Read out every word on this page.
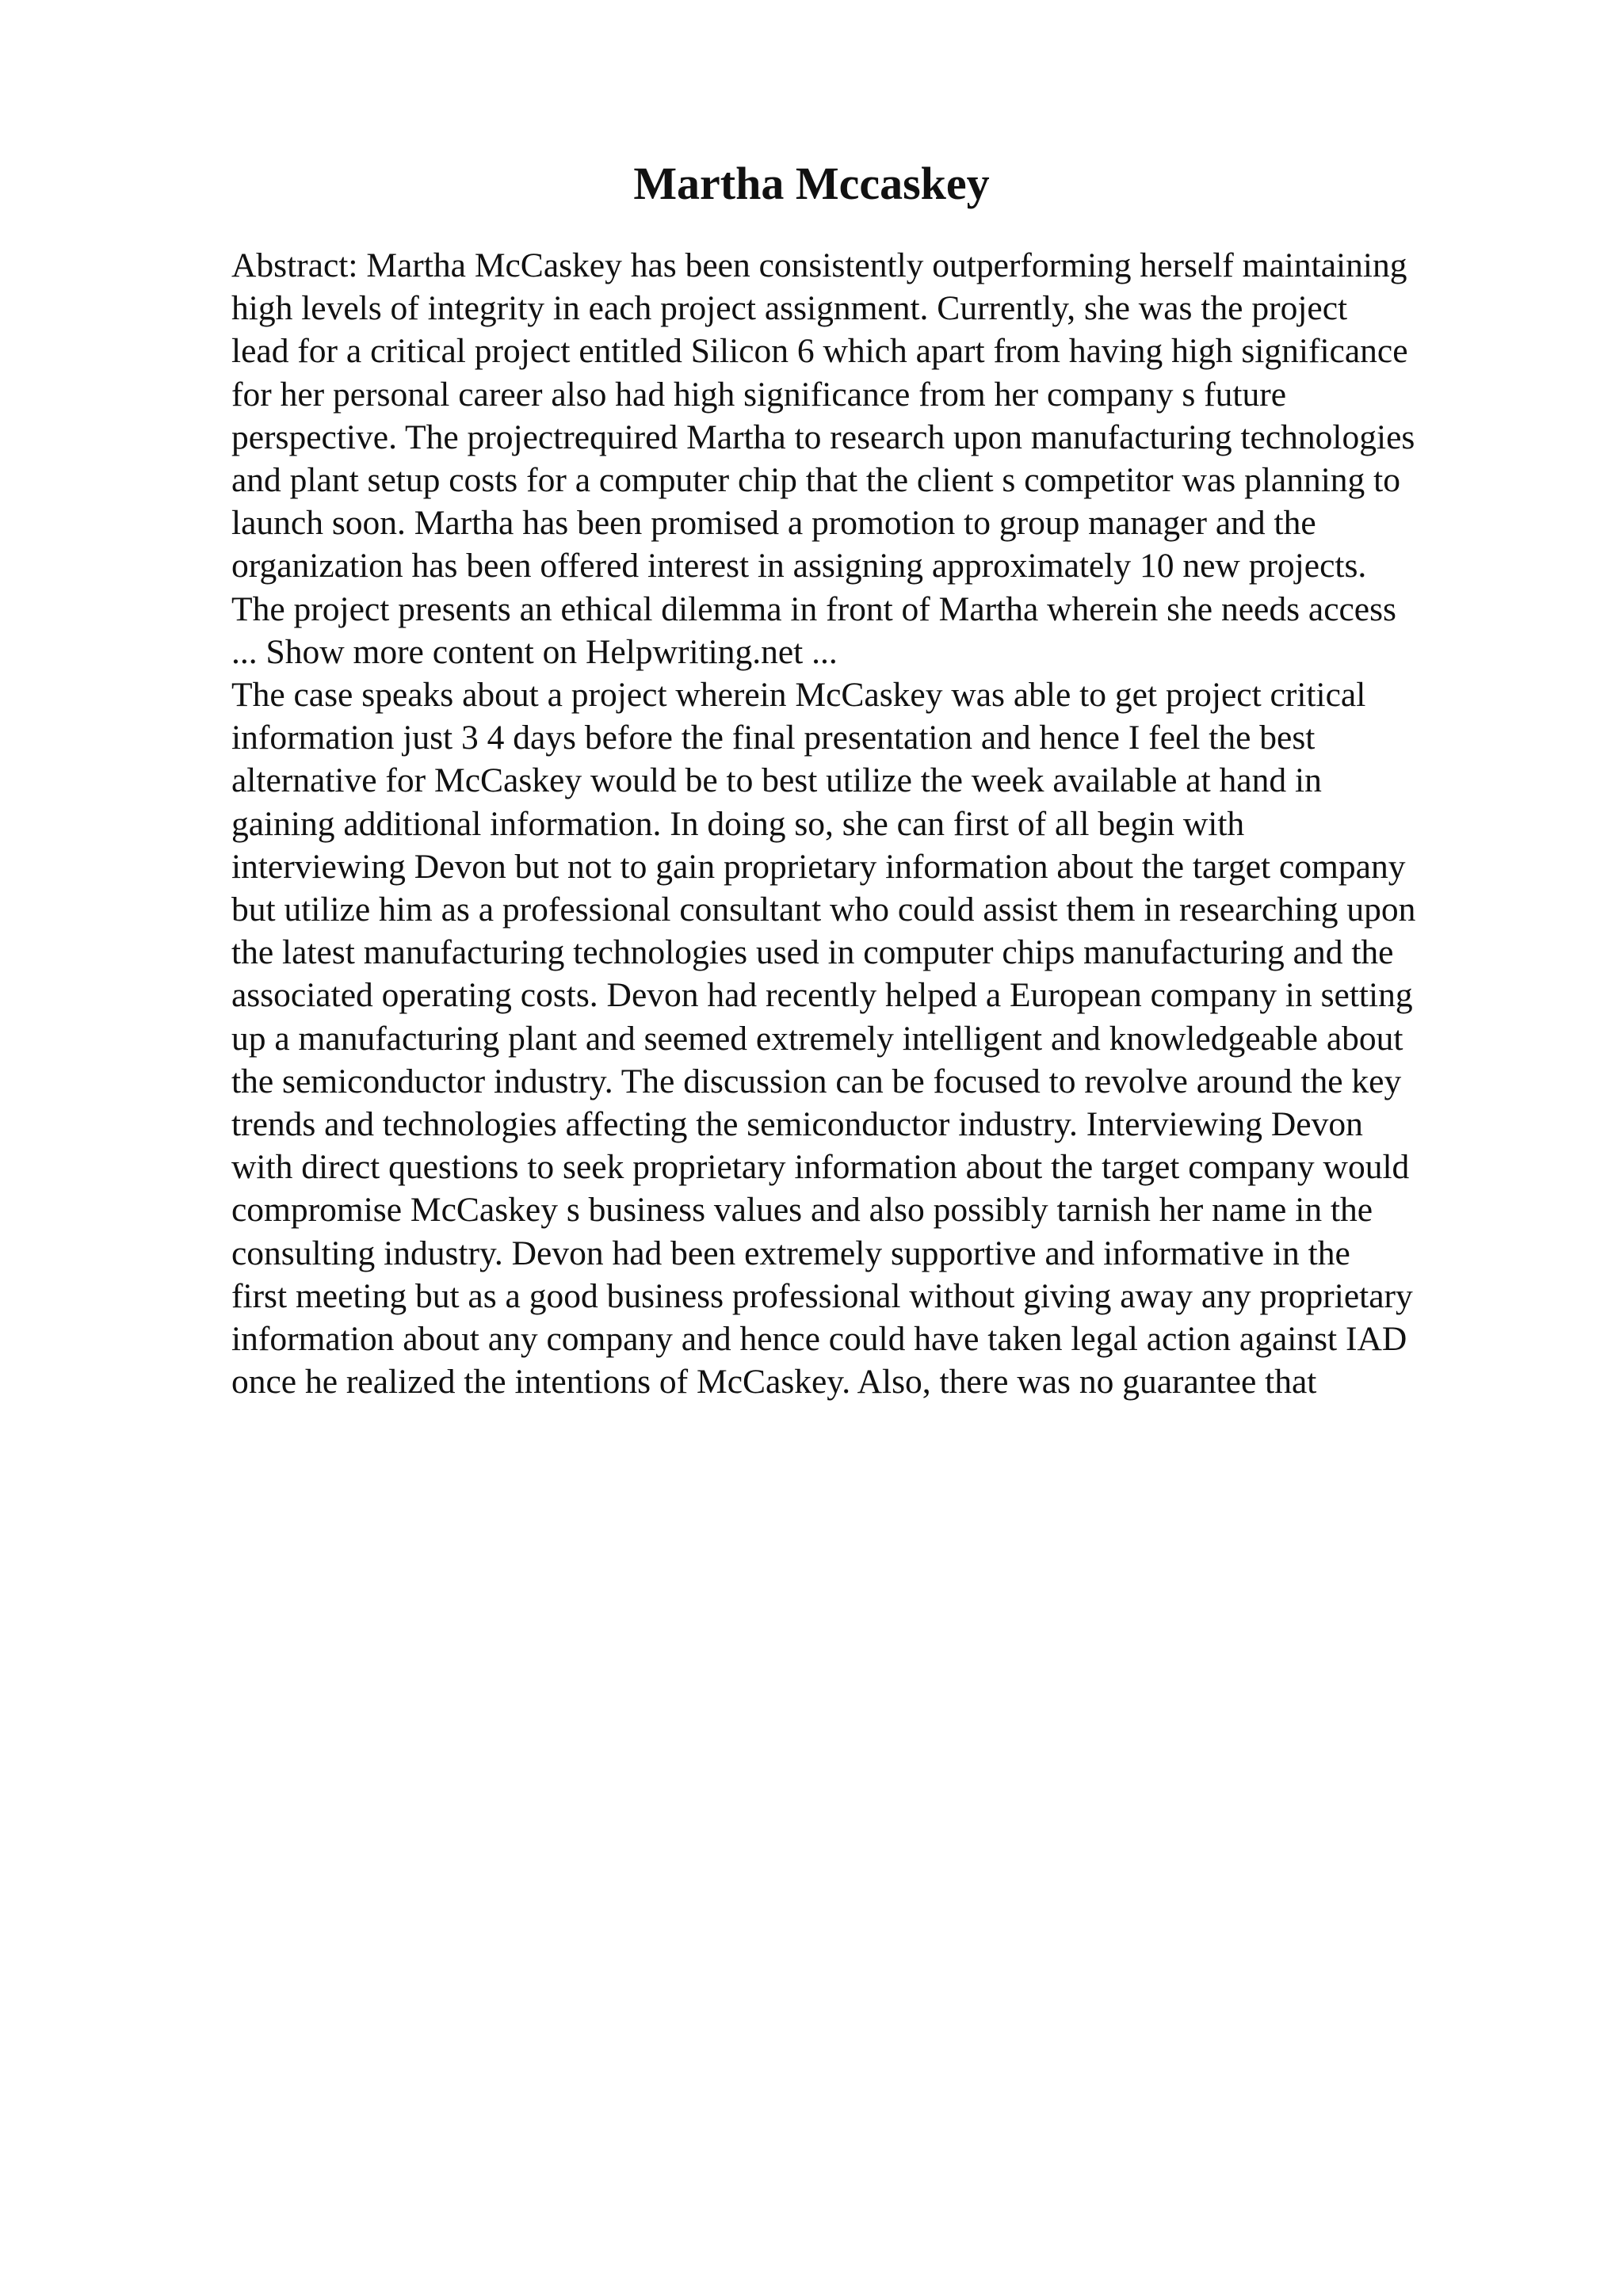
Martha Mccaskey
Abstract: Martha McCaskey has been consistently outperforming herself maintaining
high levels of integrity in each project assignment. Currently, she was the project
lead for a critical project entitled Silicon 6 which apart from having high significance
for her personal career also had high significance from her company s future
perspective. The projectrequired Martha to research upon manufacturing technologies
and plant setup costs for a computer chip that the client s competitor was planning to
launch soon. Martha has been promised a promotion to group manager and the
organization has been offered interest in assigning approximately 10 new projects.
The project presents an ethical dilemma in front of Martha wherein she needs access
... Show more content on Helpwriting.net ...
The case speaks about a project wherein McCaskey was able to get project critical
information just 3 4 days before the final presentation and hence I feel the best
alternative for McCaskey would be to best utilize the week available at hand in
gaining additional information. In doing so, she can first of all begin with
interviewing Devon but not to gain proprietary information about the target company
but utilize him as a professional consultant who could assist them in researching upon
the latest manufacturing technologies used in computer chips manufacturing and the
associated operating costs. Devon had recently helped a European company in setting
up a manufacturing plant and seemed extremely intelligent and knowledgeable about
the semiconductor industry. The discussion can be focused to revolve around the key
trends and technologies affecting the semiconductor industry. Interviewing Devon
with direct questions to seek proprietary information about the target company would
compromise McCaskey s business values and also possibly tarnish her name in the
consulting industry. Devon had been extremely supportive and informative in the
first meeting but as a good business professional without giving away any proprietary
information about any company and hence could have taken legal action against IAD
once he realized the intentions of McCaskey. Also, there was no guarantee that
